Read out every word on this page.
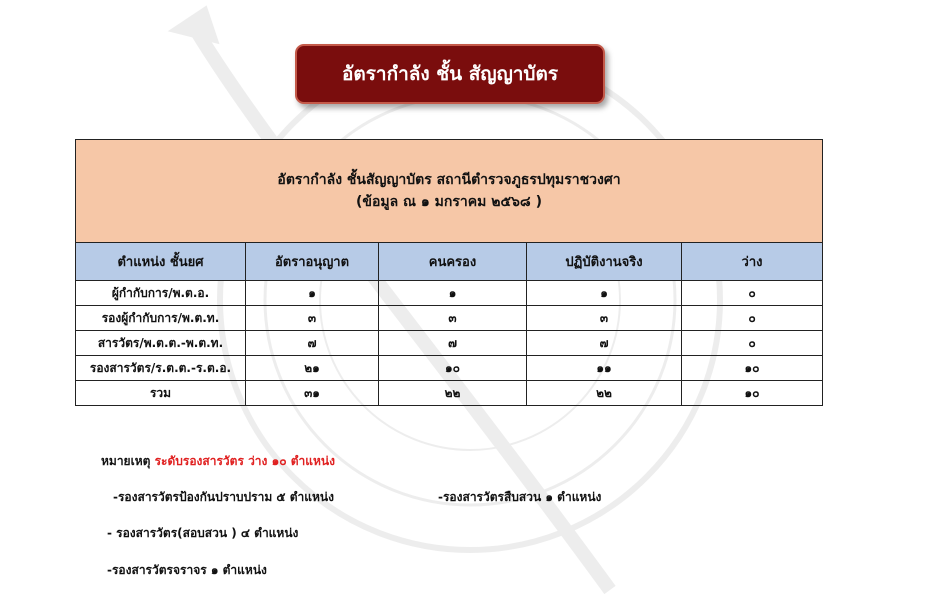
อัตรากำลัง ชั้น สัญญาบัตร
อัตรากำลัง ชั้นสัญญาบัตร สถานีตำรวจภูธรปทุมราชวงศา
(ข้อมูล ณ ๑ มกราคม ๒๕๖๘ )				

ตำแหน่ง ชั้นยศ	อัตราอนุญาต	คนครอง	ปฏิบัติงานจริง	ว่าง
ผู้กำกับการ/พ.ต.อ.	๑	๑	๑	๐
รองผู้กำกับการ/พ.ต.ท.	๓	๓	๓	๐
สารวัตร/พ.ต.ต.-พ.ต.ท.	๗	๗	๗	๐
รองสารวัตร/ร.ต.ต.-ร.ต.อ.	๒๑	๑๐	๑๑	๑๐
รวม	๓๑	๒๒	๒๒	๑๐
หมายเหตุ ระดับรองสารวัตร ว่าง ๑๐ ตำแหน่ง
-รองสารวัตรป้องกันปราบปราม ๕ ตำแหน่ง	-รองสารวัตรสืบสวน ๑ ตำแหน่ง
- รองสารวัตร(สอบสวน ) ๔ ตำแหน่ง
-รองสารวัตรจราจร ๑ ตำแหน่ง
